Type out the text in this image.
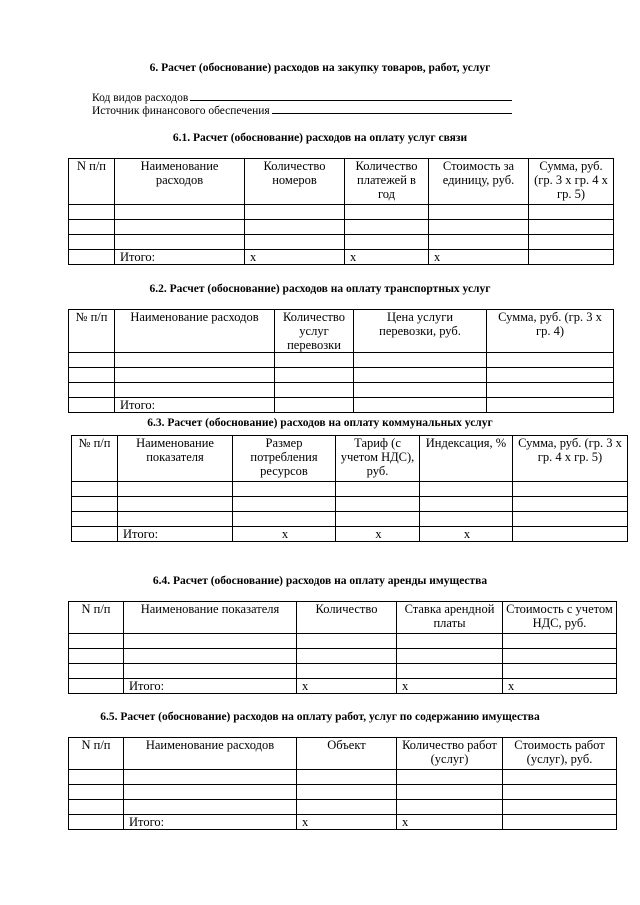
6. Расчет (обоснование) расходов на закупку товаров, работ, услуг
Код видов расходов
Источник финансового обеспечения
6.1. Расчет (обоснование) расходов на оплату услуг связи
N п/п	Наименование расходов	Количество номеров	Количество платежей в год	Стоимость за единицу, руб.	Сумма, руб. (гр. 3 x гр. 4 x гр. 5)

	Итого:	x	x	x	
6.2. Расчет (обоснование) расходов на оплату транспортных услуг
№ п/п	Наименование расходов	Количество услуг перевозки	Цена услуги перевозки, руб.	Сумма, руб. (гр. 3 x гр. 4)

	Итого:			
6.3. Расчет (обоснование) расходов на оплату коммунальных услуг
№ п/п	Наименование показателя	Размер потребления ресурсов	Тариф (с учетом НДС), руб.	Индексация, %	Сумма, руб. (гр. 3 x гр. 4 x гр. 5)

	Итого:	x	x	x	
6.4. Расчет (обоснование) расходов на оплату аренды имущества
N п/п	Наименование показателя	Количество	Ставка арендной платы	Стоимость с учетом НДС, руб.

	Итого:	x	x	x
6.5. Расчет (обоснование) расходов на оплату работ, услуг по содержанию имущества
N п/п	Наименование расходов	Объект	Количество работ (услуг)	Стоимость работ (услуг), руб.

	Итого:	x	x	
